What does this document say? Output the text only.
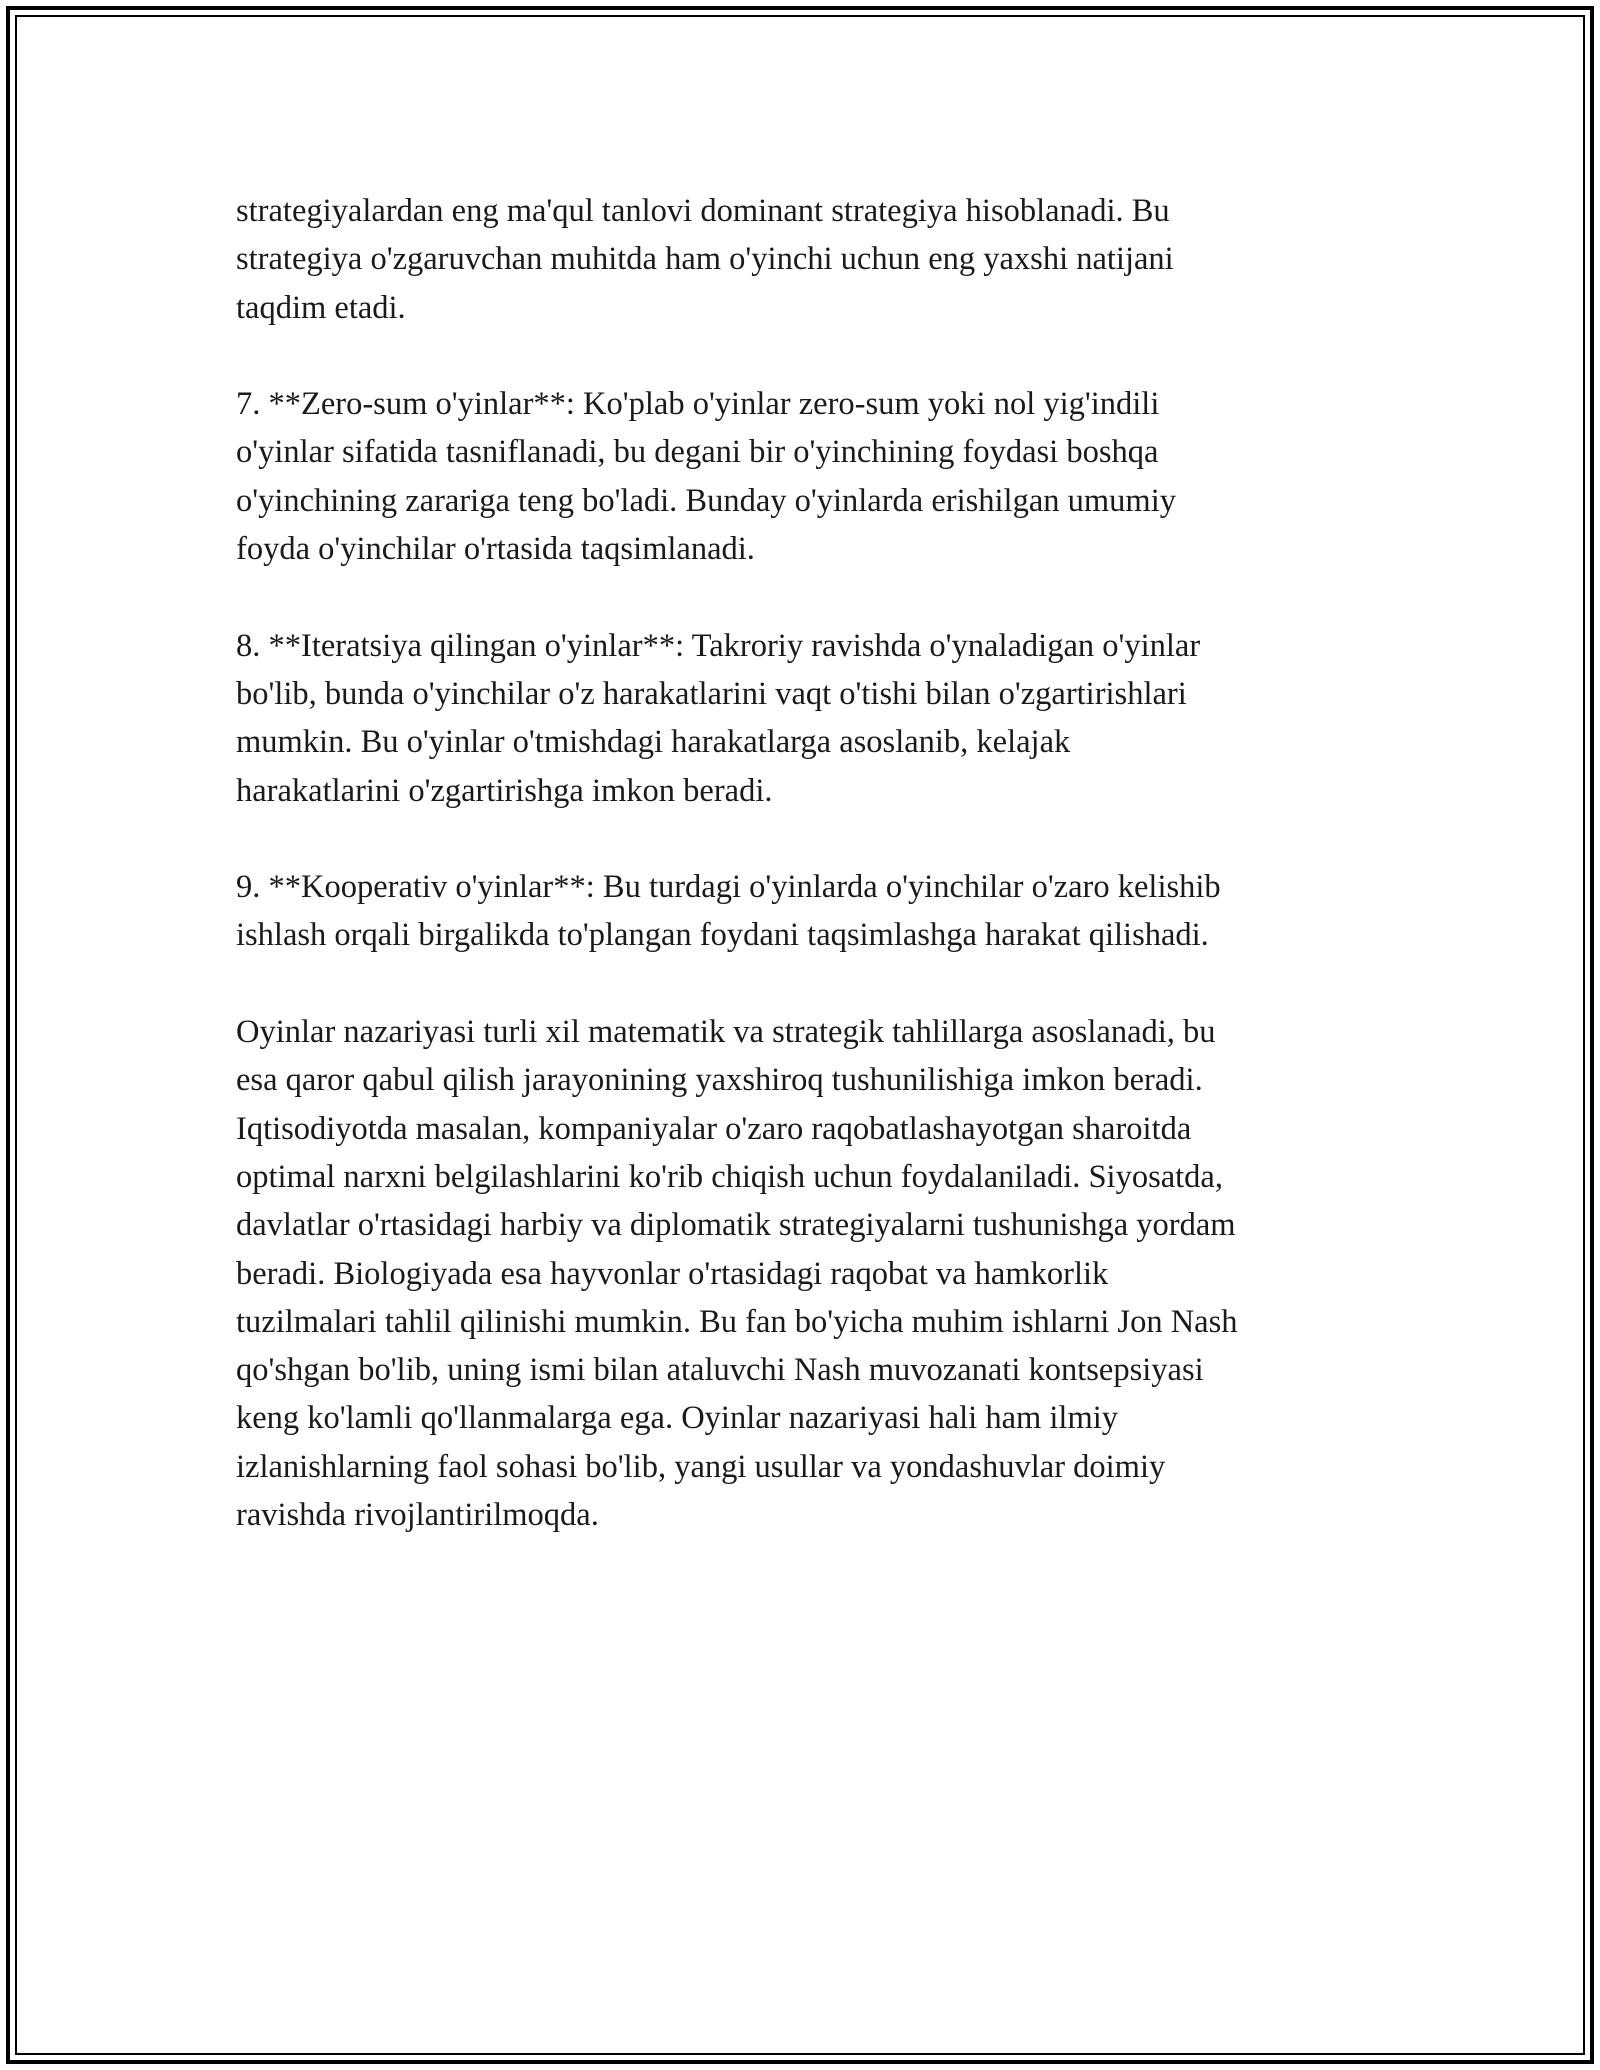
strategiyalardan eng ma'qul tanlovi dominant strategiya hisoblanadi. Bu
strategiya o'zgaruvchan muhitda ham o'yinchi uchun eng yaxshi natijani
taqdim etadi.

7. **Zero-sum o'yinlar**: Ko'plab o'yinlar zero-sum yoki nol yig'indili
o'yinlar sifatida tasniflanadi, bu degani bir o'yinchining foydasi boshqa
o'yinchining zarariga teng bo'ladi. Bunday o'yinlarda erishilgan umumiy
foyda o'yinchilar o'rtasida taqsimlanadi.

8. **Iteratsiya qilingan o'yinlar**: Takroriy ravishda o'ynaladigan o'yinlar
bo'lib, bunda o'yinchilar o'z harakatlarini vaqt o'tishi bilan o'zgartirishlari
mumkin. Bu o'yinlar o'tmishdagi harakatlarga asoslanib, kelajak
harakatlarini o'zgartirishga imkon beradi.

9. **Kooperativ o'yinlar**: Bu turdagi o'yinlarda o'yinchilar o'zaro kelishib
ishlash orqali birgalikda to'plangan foydani taqsimlashga harakat qilishadi.

Oyinlar nazariyasi turli xil matematik va strategik tahlillarga asoslanadi, bu
esa qaror qabul qilish jarayonining yaxshiroq tushunilishiga imkon beradi.
Iqtisodiyotda masalan, kompaniyalar o'zaro raqobatlashayotgan sharoitda
optimal narxni belgilashlarini ko'rib chiqish uchun foydalaniladi. Siyosatda,
davlatlar o'rtasidagi harbiy va diplomatik strategiyalarni tushunishga yordam
beradi. Biologiyada esa hayvonlar o'rtasidagi raqobat va hamkorlik
tuzilmalari tahlil qilinishi mumkin. Bu fan bo'yicha muhim ishlarni Jon Nash
qo'shgan bo'lib, uning ismi bilan ataluvchi Nash muvozanati kontsepsiyasi
keng ko'lamli qo'llanmalarga ega. Oyinlar nazariyasi hali ham ilmiy
izlanishlarning faol sohasi bo'lib, yangi usullar va yondashuvlar doimiy
ravishda rivojlantirilmoqda.
